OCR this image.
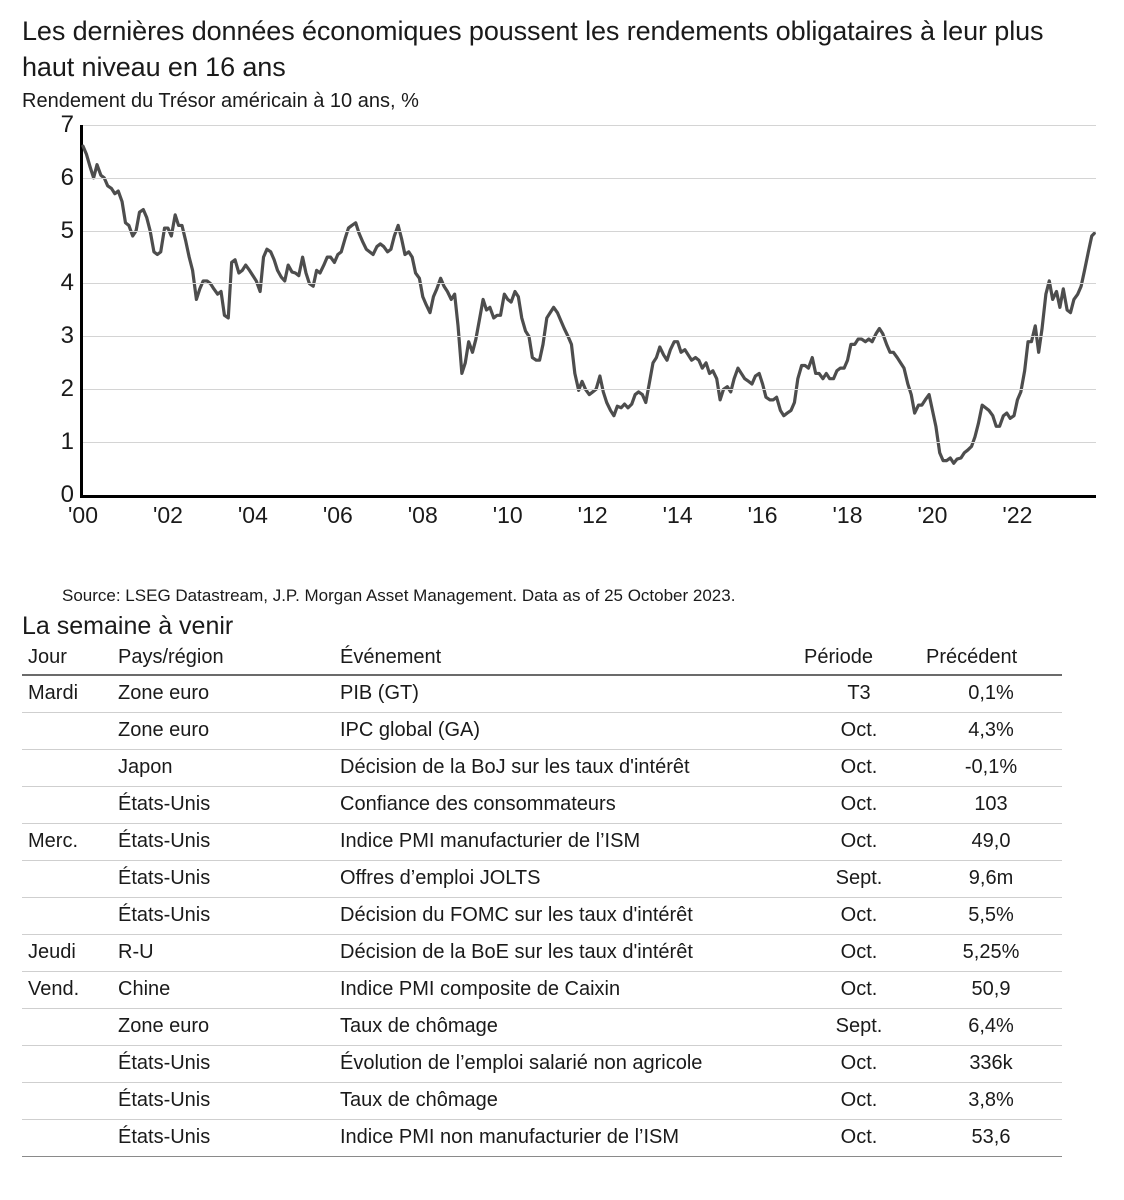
Les dernières données économiques poussent les rendements obligataires à leur plus haut niveau en 16 ans
Rendement du Trésor américain à 10 ans, %
0
1
2
3
4
5
6
7
'00 '02 '04 '06 '08 '10 '12 '14 '16 '18 '20 '22
Source: LSEG Datastream, J.P. Morgan Asset Management. Data as of 25 October 2023.
La semaine à venir
Jour	Pays/région	Événement	Période	Précédent
Mardi	Zone euro	PIB (GT)	T3	0,1%
	Zone euro	IPC global (GA)	Oct.	4,3%
	Japon	Décision de la BoJ sur les taux d'intérêt	Oct.	-0,1%
	États-Unis	Confiance des consommateurs	Oct.	103
Merc.	États-Unis	Indice PMI manufacturier de l’ISM	Oct.	49,0
	États-Unis	Offres d’emploi JOLTS	Sept.	9,6m
	États-Unis	Décision du FOMC sur les taux d'intérêt	Oct.	5,5%
Jeudi	R-U	Décision de la BoE sur les taux d'intérêt	Oct.	5,25%
Vend.	Chine	Indice PMI composite de Caixin	Oct.	50,9
	Zone euro	Taux de chômage	Sept.	6,4%
	États-Unis	Évolution de l’emploi salarié non agricole	Oct.	336k
	États-Unis	Taux de chômage	Oct.	3,8%
	États-Unis	Indice PMI non manufacturier de l’ISM	Oct.	53,6
